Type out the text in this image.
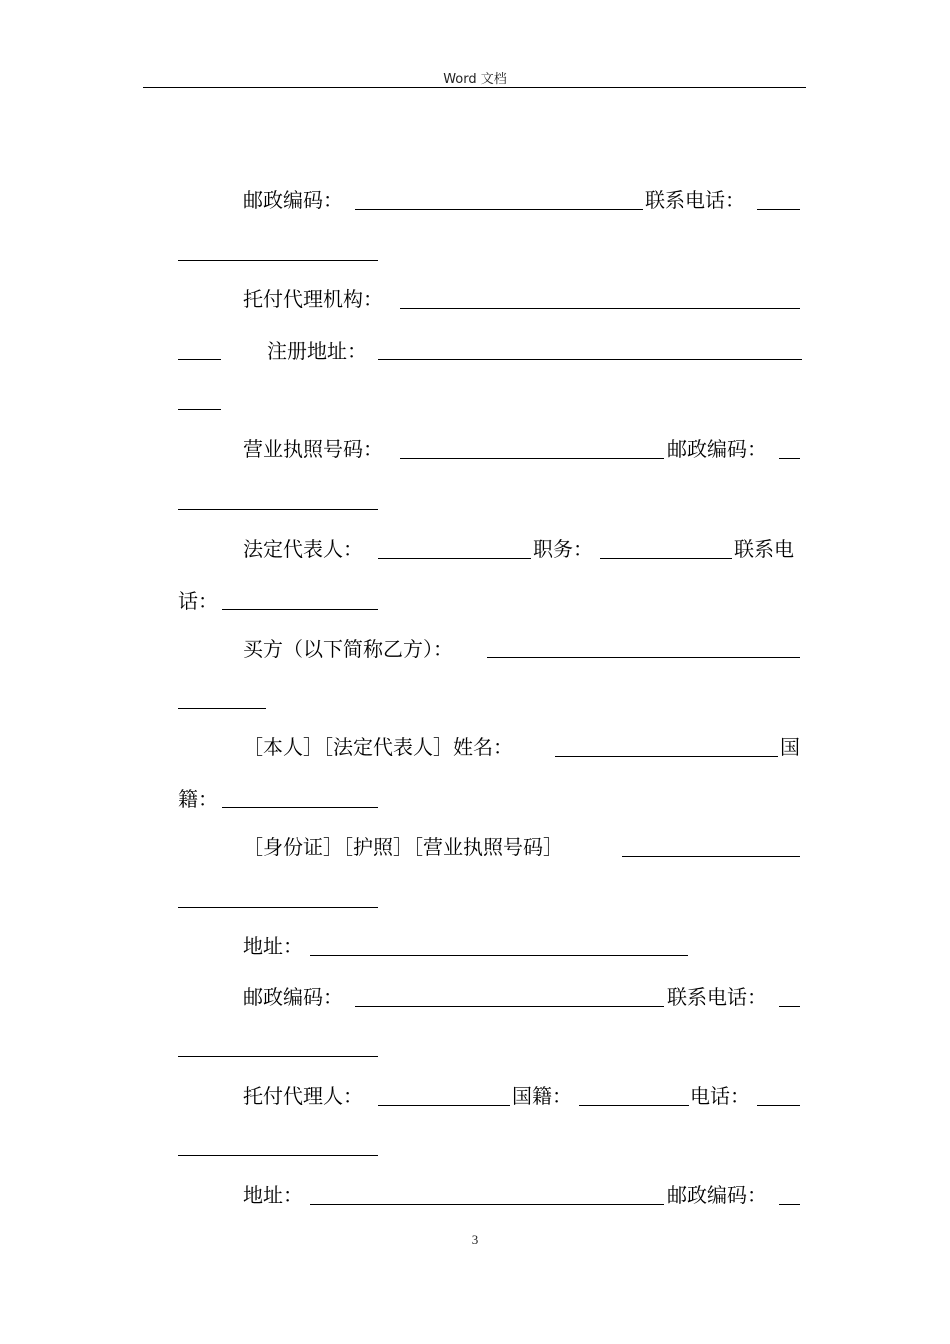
Word 文档
邮政编码：	联系电话：
托付代理机构：
注册地址：
营业执照号码：	邮政编码：
法定代表人：	职务：	联系电
话：
买方（以下简称乙方）：
［本人］［法定代表人］姓名：	国
籍：
［身份证］［护照］［营业执照号码］
地址：
邮政编码：	联系电话：
托付代理人：	国籍：	电话：
地址：	邮政编码：
3
